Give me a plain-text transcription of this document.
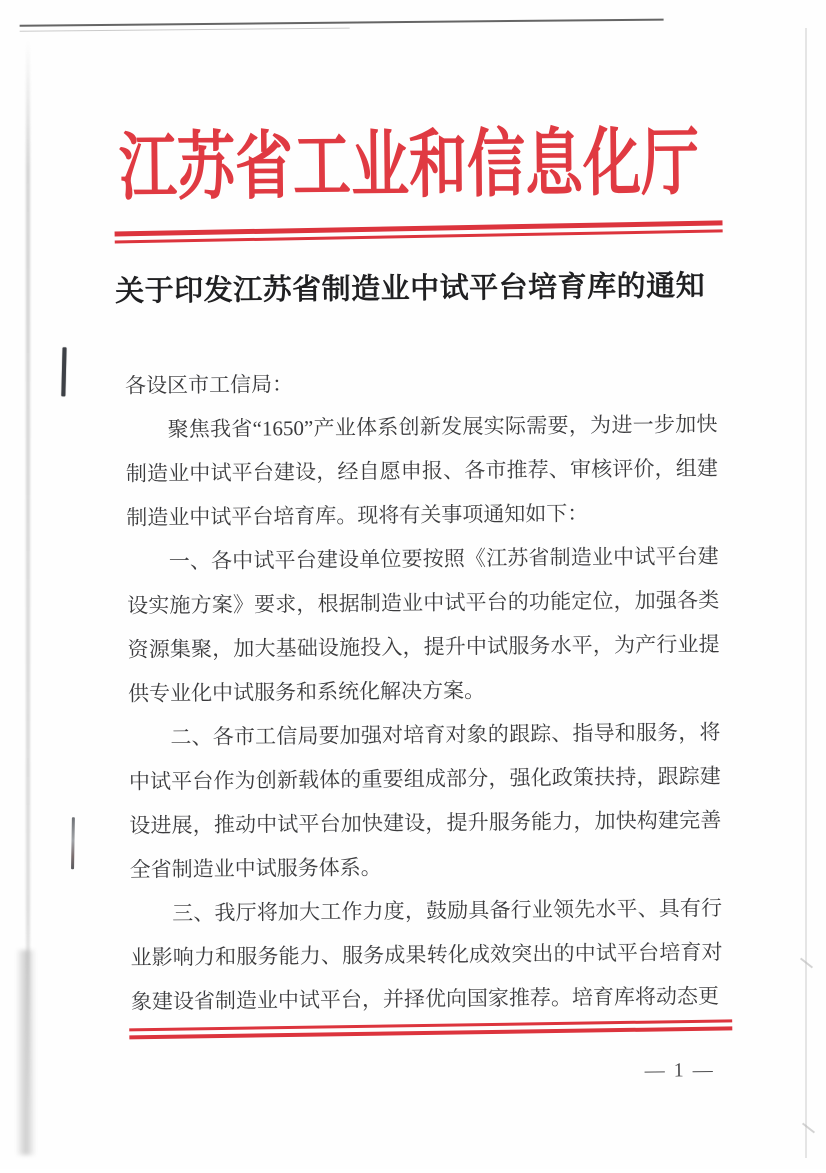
江苏省工业和信息化厅
关于印发江苏省制造业中试平台培育库的通知

各设区市工信局：

聚焦我省“1650”产业体系创新发展实际需要，为进一步加快制造业中试平台建设，经自愿申报、各市推荐、审核评价，组建制造业中试平台培育库。现将有关事项通知如下：

一、各中试平台建设单位要按照《江苏省制造业中试平台建设实施方案》要求，根据制造业中试平台的功能定位，加强各类资源集聚，加大基础设施投入，提升中试服务水平，为产行业提供专业化中试服务和系统化解决方案。

二、各市工信局要加强对培育对象的跟踪、指导和服务，将中试平台作为创新载体的重要组成部分，强化政策扶持，跟踪建设进展，推动中试平台加快建设，提升服务能力，加快构建完善全省制造业中试服务体系。

三、我厅将加大工作力度，鼓励具备行业领先水平、具有行业影响力和服务能力、服务成果转化成效突出的中试平台培育对象建设省制造业中试平台，并择优向国家推荐。培育库将动态更

— 1 —
